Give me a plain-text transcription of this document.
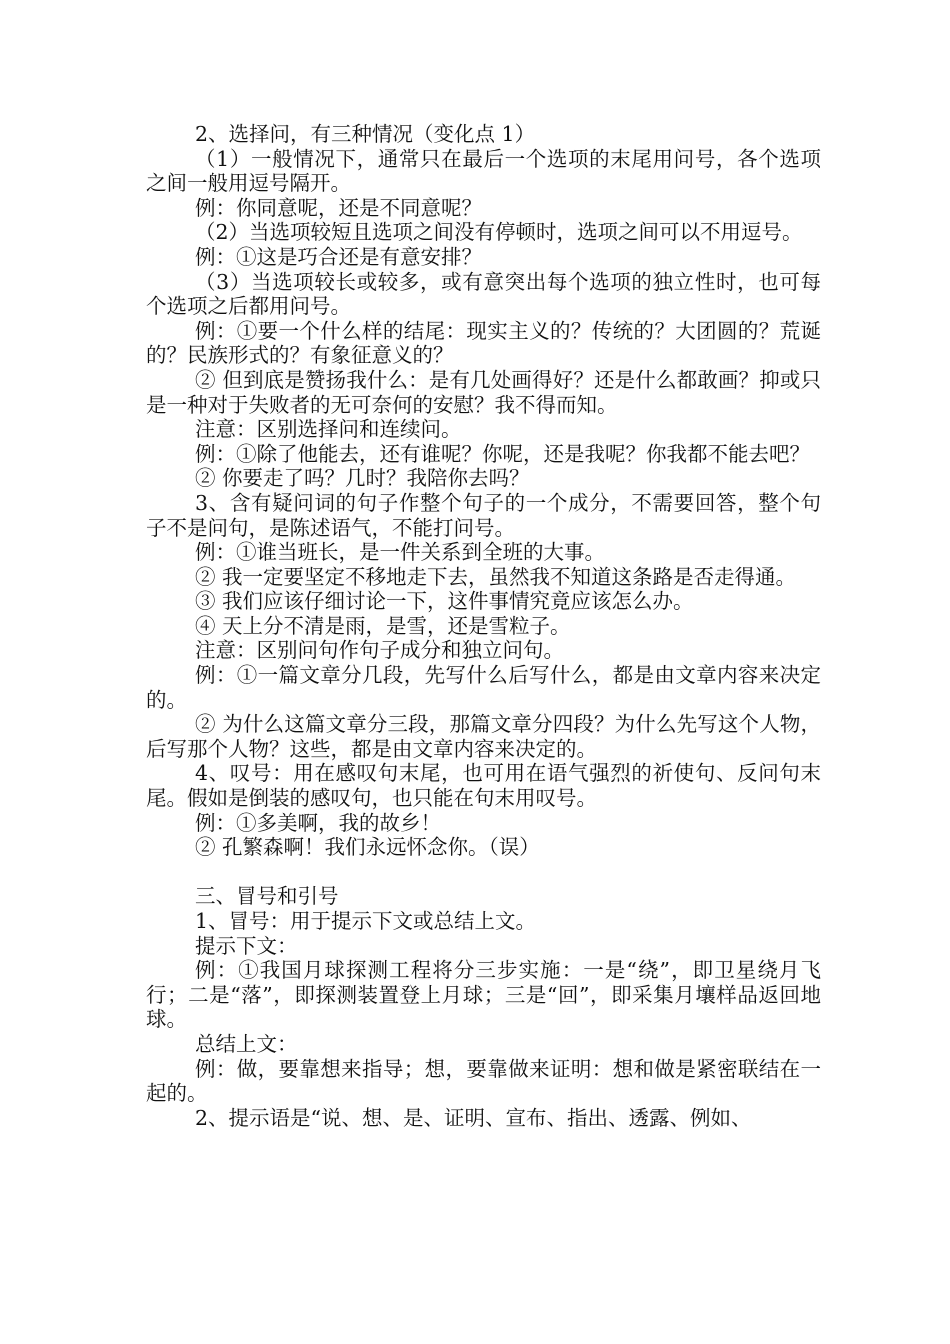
2、选择问，有三种情况（变化点 1）

（1）一般情况下，通常只在最后一个选项的末尾用问号，各个选项之间一般用逗号隔开。

例：你同意呢，还是不同意呢？

（2）当选项较短且选项之间没有停顿时，选项之间可以不用逗号。

例：①这是巧合还是有意安排？

（3）当选项较长或较多，或有意突出每个选项的独立性时，也可每个选项之后都用问号。

例：①要一个什么样的结尾：现实主义的？传统的？大团圆的？荒诞的？民族形式的？有象征意义的？

② 但到底是赞扬我什么：是有几处画得好？还是什么都敢画？抑或只是一种对于失败者的无可奈何的安慰？我不得而知。

注意：区别选择问和连续问。

例：①除了他能去，还有谁呢？你呢，还是我呢？你我都不能去吧？

② 你要走了吗？几时？我陪你去吗？

3、含有疑问词的句子作整个句子的一个成分，不需要回答，整个句子不是问句，是陈述语气，不能打问号。

例：①谁当班长，是一件关系到全班的大事。

② 我一定要坚定不移地走下去，虽然我不知道这条路是否走得通。

③ 我们应该仔细讨论一下，这件事情究竟应该怎么办。

④ 天上分不清是雨，是雪，还是雪粒子。

注意：区别问句作句子成分和独立问句。

例：①一篇文章分几段，先写什么后写什么，都是由文章内容来决定的。

② 为什么这篇文章分三段，那篇文章分四段？为什么先写这个人物，后写那个人物？这些，都是由文章内容来决定的。

4、叹号：用在感叹句末尾，也可用在语气强烈的祈使句、反问句末尾。假如是倒装的感叹句，也只能在句末用叹号。

例：①多美啊，我的故乡！

② 孔繁森啊！我们永远怀念你。（误）

三、冒号和引号

1、冒号：用于提示下文或总结上文。

提示下文：

例：①我国月球探测工程将分三步实施：一是“绕”，即卫星绕月飞行；二是“落”，即探测装置登上月球；三是“回”，即采集月壤样品返回地球。

总结上文：

例：做，要靠想来指导；想，要靠做来证明：想和做是紧密联结在一起的。

2、提示语是“说、想、是、证明、宣布、指出、透露、例如、
